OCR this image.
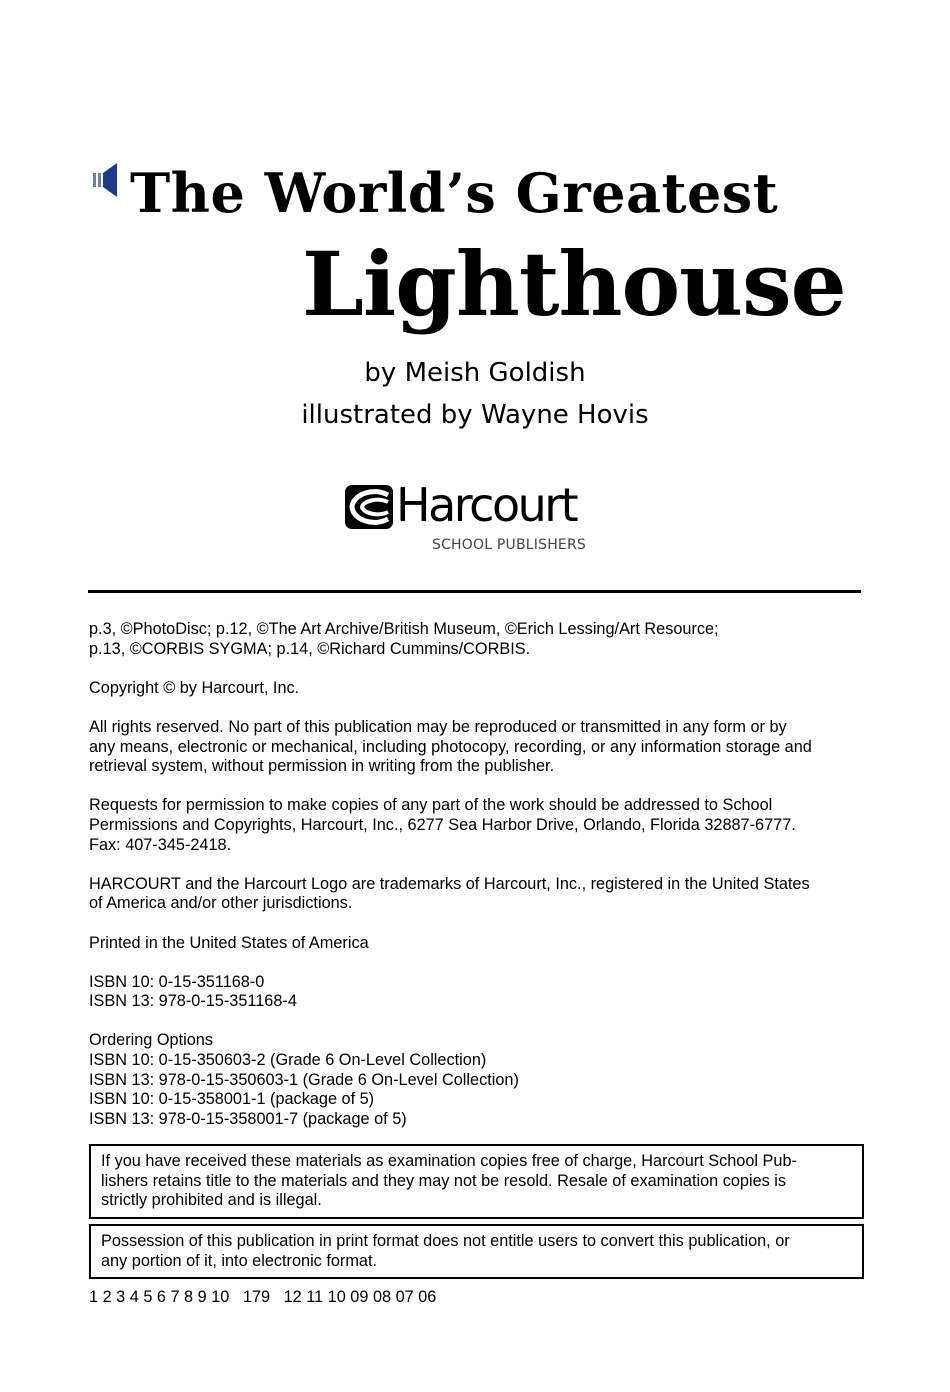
The World’s Greatest
Lighthouse

by Meish Goldish

illustrated by Wayne Hovis

Harcourt
SCHOOL PUBLISHERS

p.3, ©PhotoDisc; p.12, ©The Art Archive/British Museum, ©Erich Lessing/Art Resource;
p.13, ©CORBIS SYGMA; p.14, ©Richard Cummins/CORBIS.

Copyright © by Harcourt, Inc.

All rights reserved. No part of this publication may be reproduced or transmitted in any form or by
any means, electronic or mechanical, including photocopy, recording, or any information storage and
retrieval system, without permission in writing from the publisher.

Requests for permission to make copies of any part of the work should be addressed to School
Permissions and Copyrights, Harcourt, Inc., 6277 Sea Harbor Drive, Orlando, Florida 32887-6777.
Fax: 407-345-2418.

HARCOURT and the Harcourt Logo are trademarks of Harcourt, Inc., registered in the United States
of America and/or other jurisdictions.

Printed in the United States of America

ISBN 10: 0-15-351168-0
ISBN 13: 978-0-15-351168-4

Ordering Options
ISBN 10: 0-15-350603-2 (Grade 6 On-Level Collection)
ISBN 13: 978-0-15-350603-1 (Grade 6 On-Level Collection)
ISBN 10: 0-15-358001-1 (package of 5)
ISBN 13: 978-0-15-358001-7 (package of 5)

If you have received these materials as examination copies free of charge, Harcourt School Pub-
lishers retains title to the materials and they may not be resold. Resale of examination copies is
strictly prohibited and is illegal.
Possession of this publication in print format does not entitle users to convert this publication, or
any portion of it, into electronic format.
1 2 3 4 5 6 7 8 9 10   179   12 11 10 09 08 07 06
